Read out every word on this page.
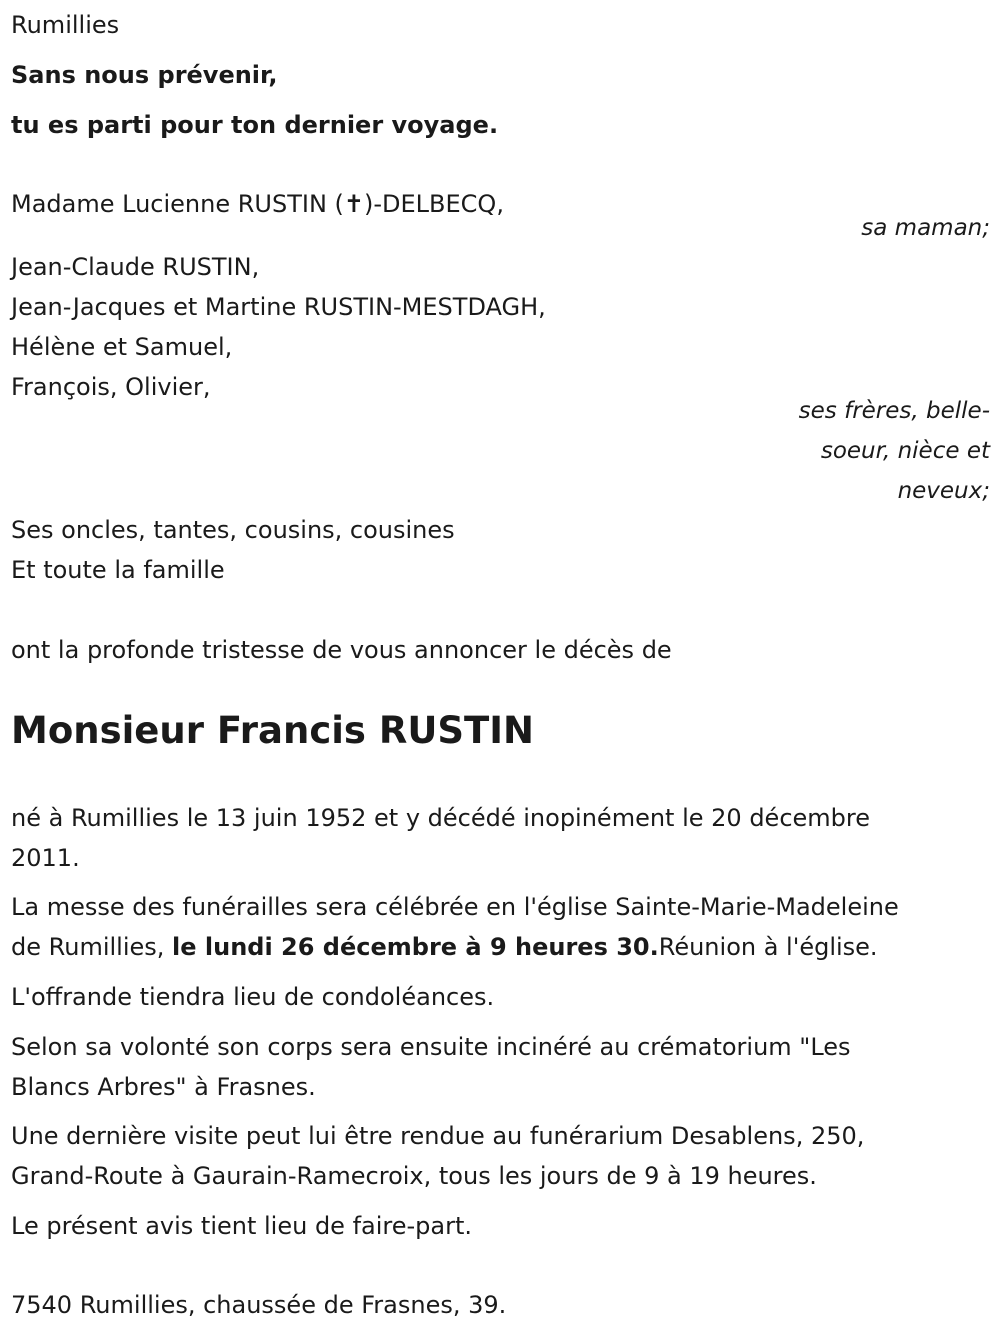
Rumillies
Sans nous prévenir,
tu es parti pour ton dernier voyage.
Madame Lucienne RUSTIN (✝)-DELBECQ,
sa maman;
Jean-Claude RUSTIN,
Jean-Jacques et Martine RUSTIN-MESTDAGH,
Hélène et Samuel,
François, Olivier,
ses frères, belle-
soeur, nièce et
neveux;
Ses oncles, tantes, cousins, cousines
Et toute la famille
ont la profonde tristesse de vous annoncer le décès de
Monsieur Francis RUSTIN
né à Rumillies le 13 juin 1952 et y décédé inopinément le 20 décembre
2011.
La messe des funérailles sera célébrée en l'église Sainte-Marie-Madeleine
de Rumillies, le lundi 26 décembre à 9 heures 30.Réunion à l'église.
L'offrande tiendra lieu de condoléances.
Selon sa volonté son corps sera ensuite incinéré au crématorium "Les
Blancs Arbres" à Frasnes.
Une dernière visite peut lui être rendue au funérarium Desablens, 250,
Grand-Route à Gaurain-Ramecroix, tous les jours de 9 à 19 heures.
Le présent avis tient lieu de faire-part.
7540 Rumillies, chaussée de Frasnes, 39.
